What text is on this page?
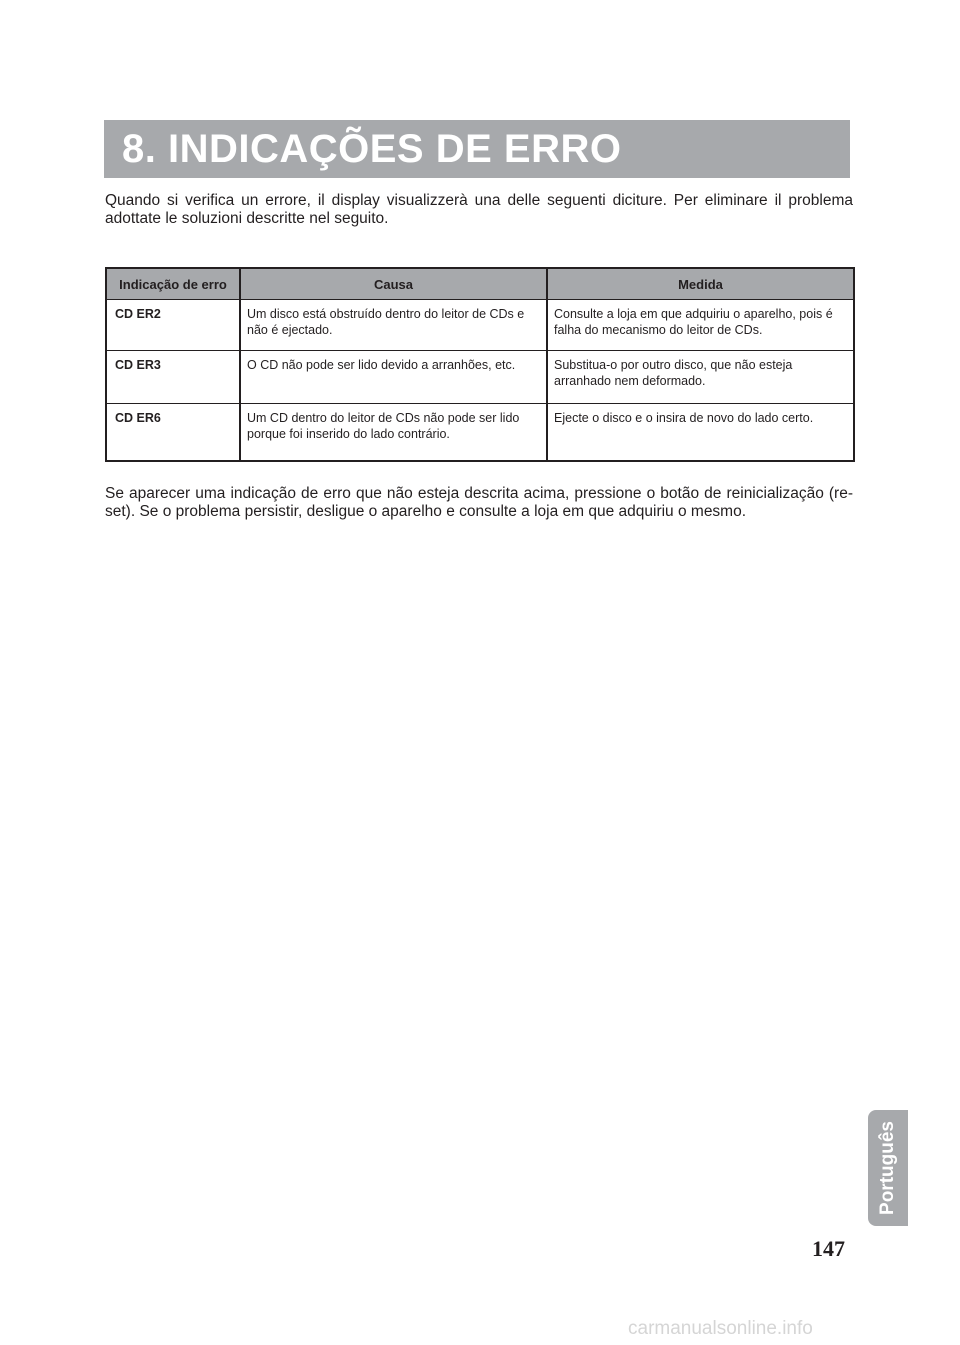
8. INDICAÇÕES DE ERRO
Quando si verifica un errore, il display visualizzerà una delle seguenti diciture. Per eliminare il problema adottate le soluzioni descritte nel seguito.
Indicação de erro	Causa	Medida
CD ER2	Um disco está obstruído dentro do leitor de CDs e não é ejectado.	Consulte a loja em que adquiriu o aparelho, pois é falha do mecanismo do leitor de CDs.
CD ER3	O CD não pode ser lido devido a arranhões, etc.	Substitua-o por outro disco, que não esteja arranhado nem deformado.
CD ER6	Um CD dentro do leitor de CDs não pode ser lido porque foi inserido do lado contrário.	Ejecte o disco e o insira de novo do lado certo.
Se aparecer uma indicação de erro que não esteja descrita acima, pressione o botão de reinicialização (re-set). Se o problema persistir, desligue o aparelho e consulte a loja em que adquiriu o mesmo.
Português
147
carmanualsonline.info
